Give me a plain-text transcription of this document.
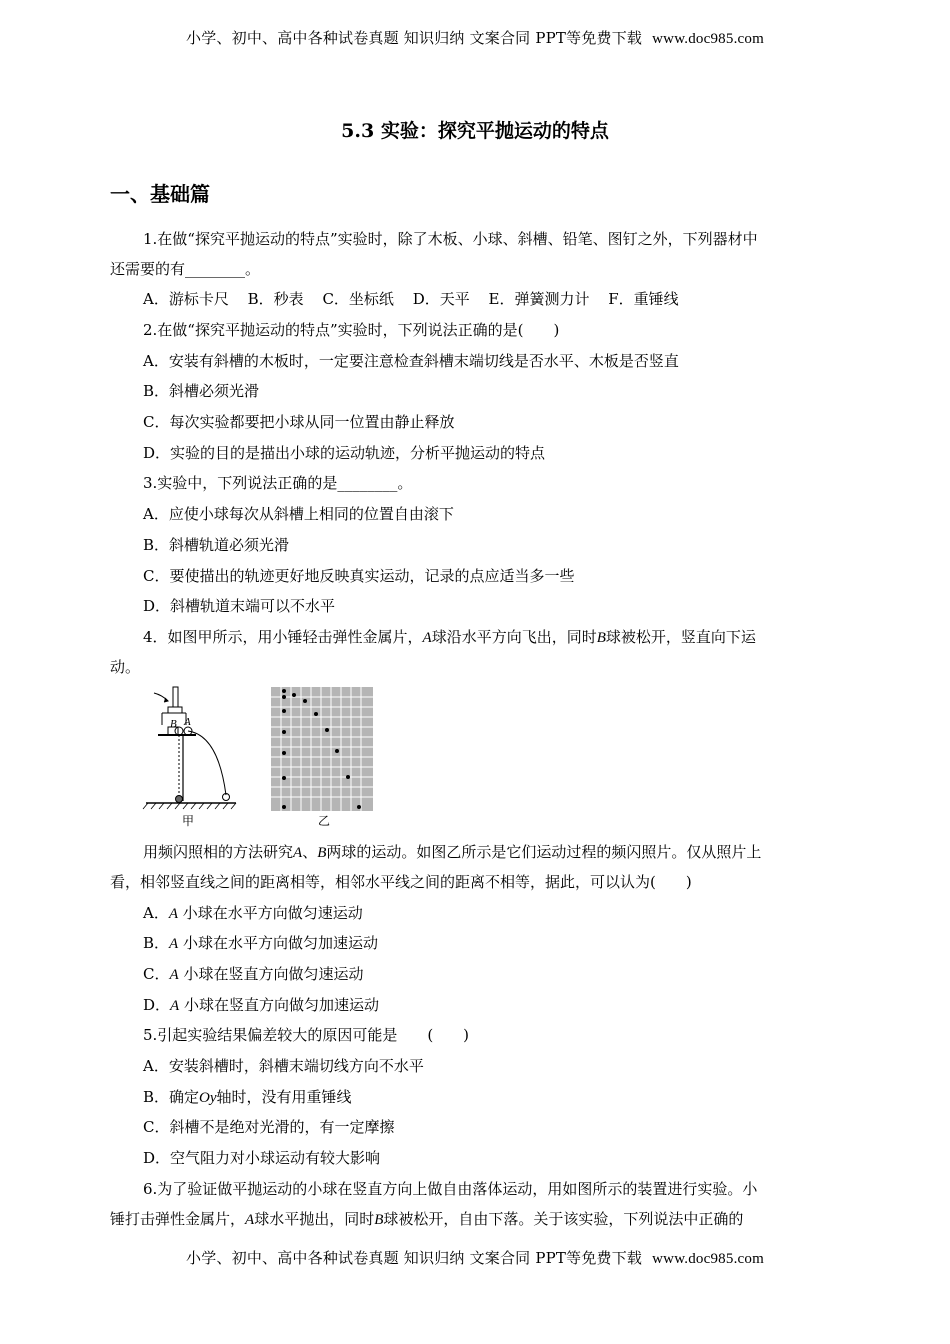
小学、初中、高中各种试卷真题 知识归纳 文案合同 PPT等免费下载 www.doc985.com
5.3 实验：探究平抛运动的特点
一、基础篇
1.在做“探究平抛运动的特点”实验时，除了木板、小球、斜槽、铅笔、图钉之外，下列器材中
还需要的有________。
A．游标卡尺 B．秒表 C．坐标纸 D．天平 E．弹簧测力计 F．重锤线
2.在做“探究平抛运动的特点”实验时，下列说法正确的是(　　)
A．安装有斜槽的木板时，一定要注意检查斜槽末端切线是否水平、木板是否竖直
B．斜槽必须光滑
C．每次实验都要把小球从同一位置由静止释放
D．实验的目的是描出小球的运动轨迹，分析平抛运动的特点
3.实验中，下列说法正确的是________。
A．应使小球每次从斜槽上相同的位置自由滚下
B．斜槽轨道必须光滑
C．要使描出的轨迹更好地反映真实运动，记录的点应适当多一些
D．斜槽轨道末端可以不水平
4．如图甲所示，用小锤轻击弹性金属片，A球沿水平方向飞出，同时B球被松开，竖直向下运
动。
B A
甲	乙
用频闪照相的方法研究A、B两球的运动。如图乙所示是它们运动过程的频闪照片。仅从照片上
看，相邻竖直线之间的距离相等，相邻水平线之间的距离不相等，据此，可以认为(　　)
A．A 小球在水平方向做匀速运动
B．A 小球在水平方向做匀加速运动
C．A 小球在竖直方向做匀速运动
D．A 小球在竖直方向做匀加速运动
5.引起实验结果偏差较大的原因可能是　　(　　)
A．安装斜槽时，斜槽末端切线方向不水平
B．确定Oy轴时，没有用重锤线
C．斜槽不是绝对光滑的，有一定摩擦
D．空气阻力对小球运动有较大影响
6.为了验证做平抛运动的小球在竖直方向上做自由落体运动，用如图所示的装置进行实验。小
锤打击弹性金属片，A球水平抛出，同时B球被松开，自由下落。关于该实验，下列说法中正确的
小学、初中、高中各种试卷真题 知识归纳 文案合同 PPT等免费下载 www.doc985.com
